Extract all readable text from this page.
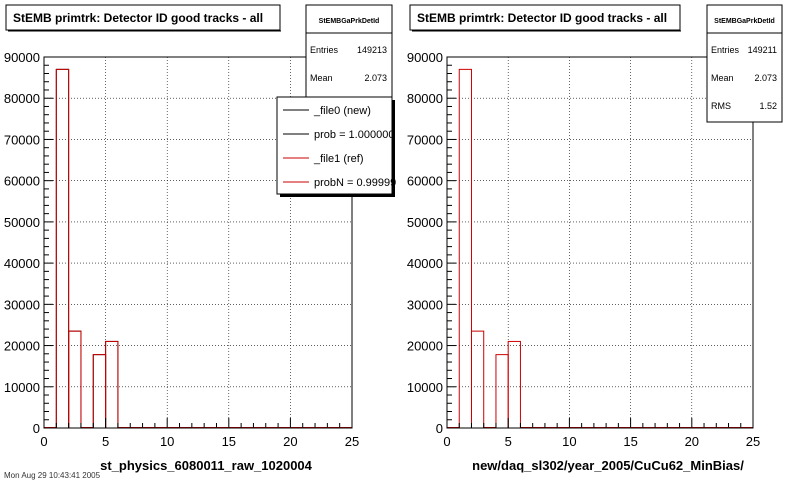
0	5	10	15	20	25
0
10000
20000
30000
40000
50000
60000
70000
80000
90000
st_physics_6080011_raw_1020004
StEMB primtrk: Detector ID good tracks - all	StEMBGaPrkDetId
Entries 149213
Mean	2.073
_file0 (new)
prob = 1.000000
_file1 (ref)
probN = 0.99999
Mon Aug 29 10:43:41 2005
0	5	10	15	20	25
0
10000
20000
30000
40000
50000
60000
70000
80000
90000
new/daq_sl302/year_2005/CuCu62_MinBias/
StEMB primtrk: Detector ID good tracks - all	StEMBGaPrkDetId
Entries 149211
Mean 2.073
RMS	1.52
